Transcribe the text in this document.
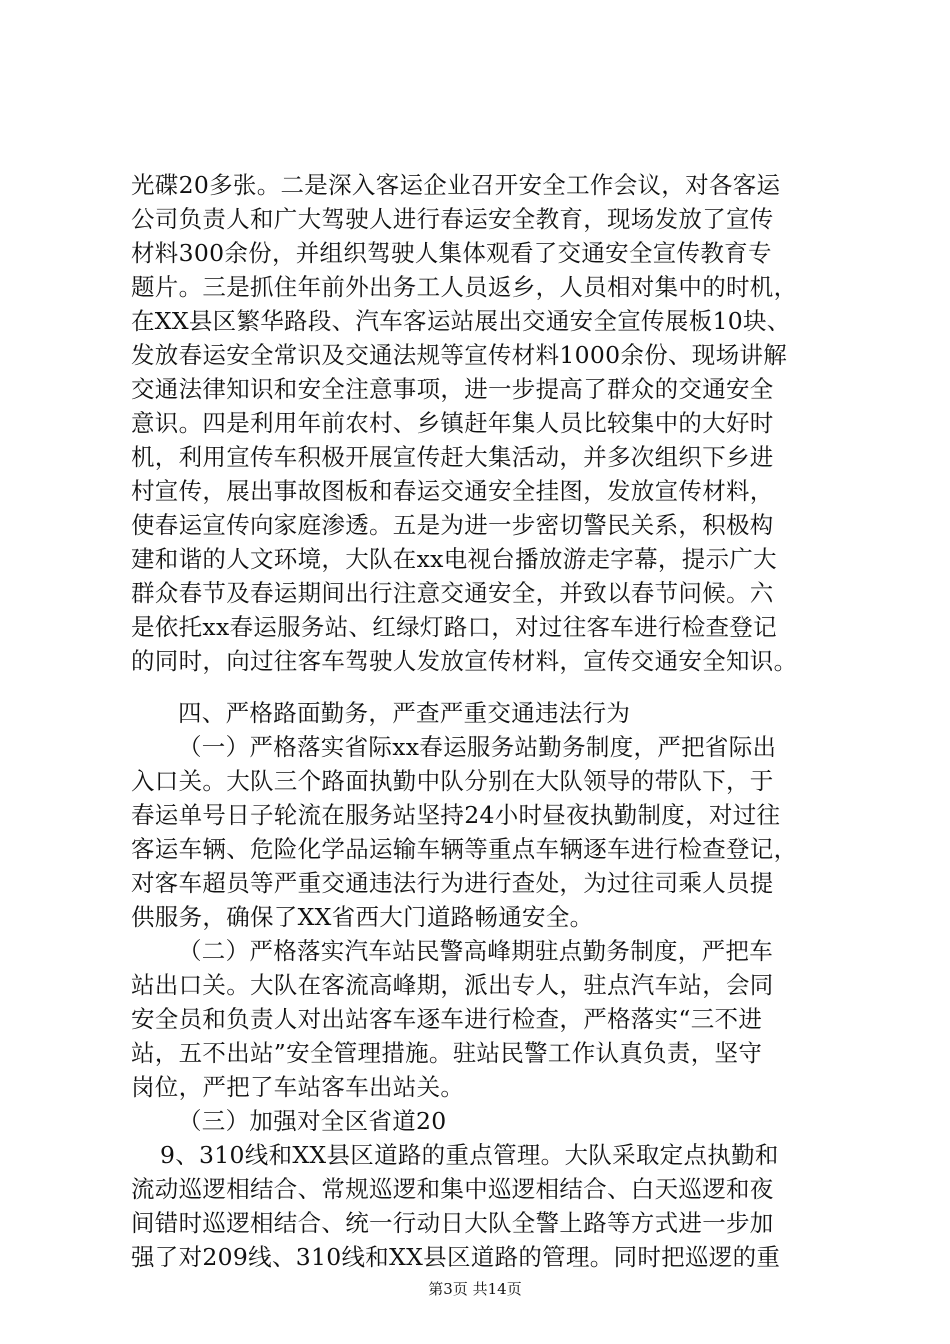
光碟20多张。二是深入客运企业召开安全工作会议，对各客运
公司负责人和广大驾驶人进行春运安全教育，现场发放了宣传
材料300余份，并组织驾驶人集体观看了交通安全宣传教育专
题片。三是抓住年前外出务工人员返乡，人员相对集中的时机，
在XX县区繁华路段、汽车客运站展出交通安全宣传展板10块、
发放春运安全常识及交通法规等宣传材料1000余份、现场讲解
交通法律知识和安全注意事项，进一步提高了群众的交通安全
意识。四是利用年前农村、乡镇赶年集人员比较集中的大好时
机，利用宣传车积极开展宣传赶大集活动，并多次组织下乡进
村宣传，展出事故图板和春运交通安全挂图，发放宣传材料，
使春运宣传向家庭渗透。五是为进一步密切警民关系，积极构
建和谐的人文环境，大队在xx电视台播放游走字幕，提示广大
群众春节及春运期间出行注意交通安全，并致以春节问候。六
是依托xx春运服务站、红绿灯路口，对过往客车进行检查登记
的同时，向过往客车驾驶人发放宣传材料，宣传交通安全知识。
四、严格路面勤务，严查严重交通违法行为
（一）严格落实省际xx春运服务站勤务制度，严把省际出
入口关。大队三个路面执勤中队分别在大队领导的带队下，于
春运单号日子轮流在服务站坚持24小时昼夜执勤制度，对过往
客运车辆、危险化学品运输车辆等重点车辆逐车进行检查登记，
对客车超员等严重交通违法行为进行查处，为过往司乘人员提
供服务，确保了XX省西大门道路畅通安全。
（二）严格落实汽车站民警高峰期驻点勤务制度，严把车
站出口关。大队在客流高峰期，派出专人，驻点汽车站，会同
安全员和负责人对出站客车逐车进行检查，严格落实“三不进
站，五不出站”安全管理措施。驻站民警工作认真负责，坚守
岗位，严把了车站客车出站关。
（三）加强对全区省道20
9、310线和XX县区道路的重点管理。大队采取定点执勤和
流动巡逻相结合、常规巡逻和集中巡逻相结合、白天巡逻和夜
间错时巡逻相结合、统一行动日大队全警上路等方式进一步加
强了对209线、310线和XX县区道路的管理。同时把巡逻的重
第3页 共14页
